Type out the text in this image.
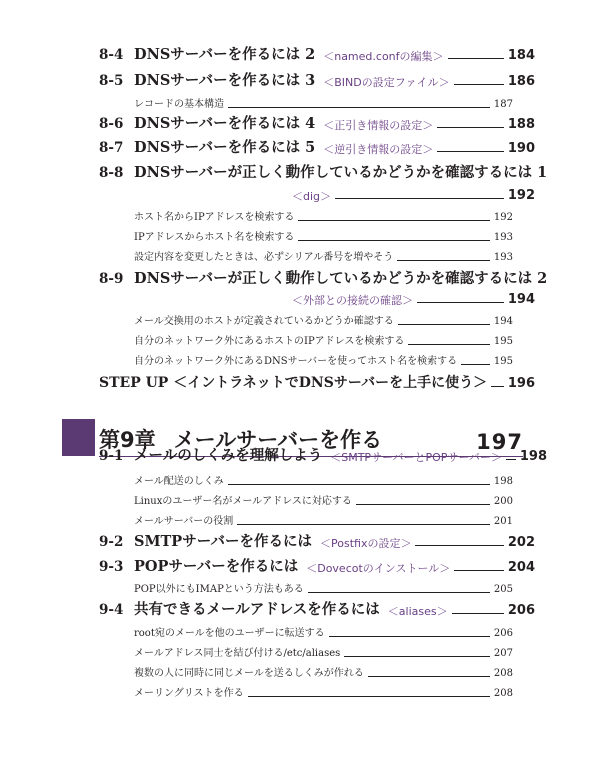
8-4 DNSサーバーを作るには 2 ＜named.confの編集＞	184
8-5 DNSサーバーを作るには 3 ＜BINDの設定ファイル＞	186
レコードの基本構造	187
8-6 DNSサーバーを作るには 4 ＜正引き情報の設定＞	188
8-7 DNSサーバーを作るには 5 ＜逆引き情報の設定＞	190
8-8 DNSサーバーが正しく動作しているかどうかを確認するには 1
＜dig＞	192
ホスト名からIPアドレスを検索する	192
IPアドレスからホスト名を検索する	193
設定内容を変更したときは、必ずシリアル番号を増やそう	193
8-9 DNSサーバーが正しく動作しているかどうかを確認するには 2
＜外部との接続の確認＞	194
メール交換用のホストが定義されているかどうか確認する	194
自分のネットワーク外にあるホストのIPアドレスを検索する	195
自分のネットワーク外にあるDNSサーバーを使ってホスト名を検索する	195
STEP UP ＜イントラネットでDNSサーバーを上手に使う＞ 196
第9章 メールサーバーを作る	197
9-1 メールのしくみを理解しよう ＜SMTPサーバーとPOPサーバー＞ 198
メール配送のしくみ	198
Linuxのユーザー名がメールアドレスに対応する	200
メールサーバーの役割	201
9-2 SMTPサーバーを作るには ＜Postfixの設定＞	202
9-3 POPサーバーを作るには ＜Dovecotのインストール＞	204
POP以外にもIMAPという方法もある	205
9-4 共有できるメールアドレスを作るには ＜aliases＞	206
root宛のメールを他のユーザーに転送する	206
メールアドレス同士を結び付ける/etc/aliases	207
複数の人に同時に同じメールを送るしくみが作れる	208
メーリングリストを作る	208
